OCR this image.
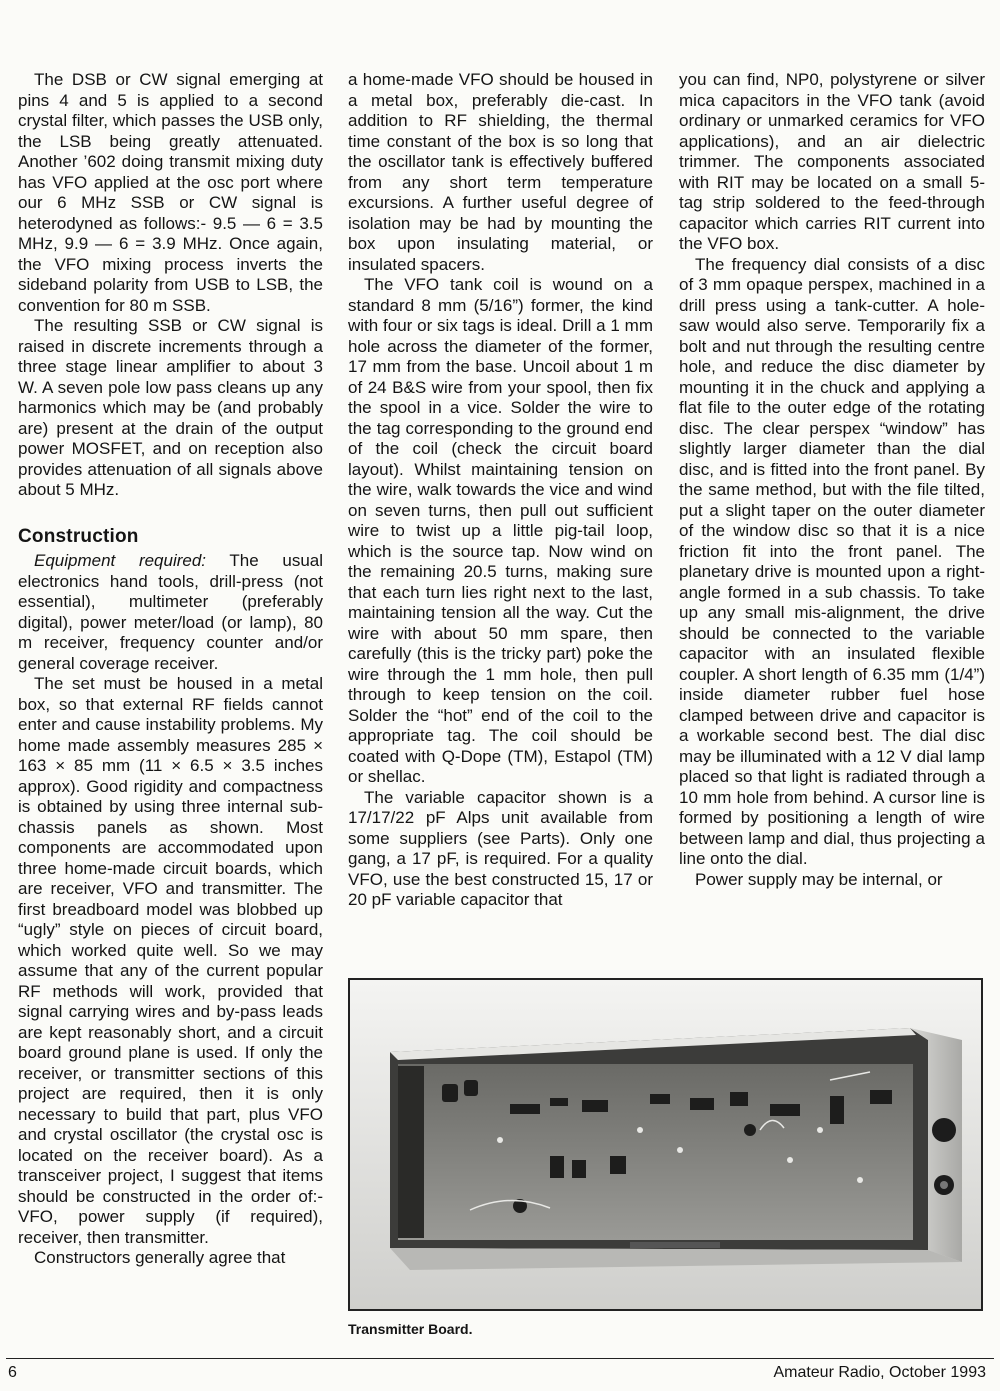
The DSB or CW signal emerging at pins 4 and 5 is applied to a second crystal filter, which passes the USB only, the LSB being greatly attenuated. Another ’602 doing transmit mixing duty has VFO applied at the osc port where our 6 MHz SSB or CW signal is heterodyned as follows:- 9.5 — 6 = 3.5 MHz, 9.9 — 6 = 3.9 MHz. Once again, the VFO mixing process inverts the sideband polarity from USB to LSB, the convention for 80 m SSB.

The resulting SSB or CW signal is raised in discrete increments through a three stage linear amplifier to about 3 W. A seven pole low pass cleans up any harmonics which may be (and probably are) present at the drain of the output power MOSFET, and on reception also provides attenuation of all signals above about 5 MHz.

Construction

Equipment required: The usual electronics hand tools, drill-press (not essential), multimeter (preferably digital), power meter/load (or lamp), 80 m receiver, frequency counter and/or general coverage receiver.

The set must be housed in a metal box, so that external RF fields cannot enter and cause instability problems. My home made assembly measures 285 × 163 × 85 mm (11 × 6.5 × 3.5 inches approx). Good rigidity and compactness is obtained by using three internal sub-chassis panels as shown. Most components are accommodated upon three home-made circuit boards, which are receiver, VFO and transmitter. The first breadboard model was blobbed up “ugly” style on pieces of circuit board, which worked quite well. So we may assume that any of the current popular RF methods will work, provided that signal carrying wires and by-pass leads are kept reasonably short, and a circuit board ground plane is used. If only the receiver, or transmitter sections of this project are required, then it is only necessary to build that part, plus VFO and crystal oscillator (the crystal osc is located on the receiver board). As a transceiver project, I suggest that items should be constructed in the order of:- VFO, power supply (if required), receiver, then transmitter.

Constructors generally agree that

a home-made VFO should be housed in a metal box, preferably die-cast. In addition to RF shielding, the thermal time constant of the box is so long that the oscillator tank is effectively buffered from any short term temperature excursions. A further useful degree of isolation may be had by mounting the box upon insulating material, or insulated spacers.

The VFO tank coil is wound on a standard 8 mm (5/16”) former, the kind with four or six tags is ideal. Drill a 1 mm hole across the diameter of the former, 17 mm from the base. Uncoil about 1 m of 24 B&S wire from your spool, then fix the spool in a vice. Solder the wire to the tag corresponding to the ground end of the coil (check the circuit board layout). Whilst maintaining tension on the wire, walk towards the vice and wind on seven turns, then pull out sufficient wire to twist up a little pig-tail loop, which is the source tap. Now wind on the remaining 20.5 turns, making sure that each turn lies right next to the last, maintaining tension all the way. Cut the wire with about 50 mm spare, then carefully (this is the tricky part) poke the wire through the 1 mm hole, then pull through to keep tension on the coil. Solder the “hot” end of the coil to the appropriate tag. The coil should be coated with Q-Dope (TM), Estapol (TM) or shellac.

The variable capacitor shown is a 17/17/22 pF Alps unit available from some suppliers (see Parts). Only one gang, a 17 pF, is required. For a quality VFO, use the best constructed 15, 17 or 20 pF variable capacitor that

you can find, NP0, polystyrene or silver mica capacitors in the VFO tank (avoid ordinary or unmarked ceramics for VFO applications), and an air dielectric trimmer. The components associated with RIT may be located on a small 5-tag strip soldered to the feed-through capacitor which carries RIT current into the VFO box.

The frequency dial consists of a disc of 3 mm opaque perspex, machined in a drill press using a tank-cutter. A hole-saw would also serve. Temporarily fix a bolt and nut through the resulting centre hole, and reduce the disc diameter by mounting it in the chuck and applying a flat file to the outer edge of the rotating disc. The clear perspex “window” has slightly larger diameter than the dial disc, and is fitted into the front panel. By the same method, but with the file tilted, put a slight taper on the outer diameter of the window disc so that it is a nice friction fit into the front panel. The planetary drive is mounted upon a right-angle formed in a sub chassis. To take up any small mis-alignment, the drive should be connected to the variable capacitor with an insulated flexible coupler. A short length of 6.35 mm (1/4”) inside diameter rubber fuel hose clamped between drive and capacitor is a workable second best. The dial disc may be illuminated with a 12 V dial lamp placed so that light is radiated through a 10 mm hole from behind. A cursor line is formed by positioning a length of wire between lamp and dial, thus projecting a line onto the dial.

Power supply may be internal, or

Transmitter Board.
6	Amateur Radio, October 1993
